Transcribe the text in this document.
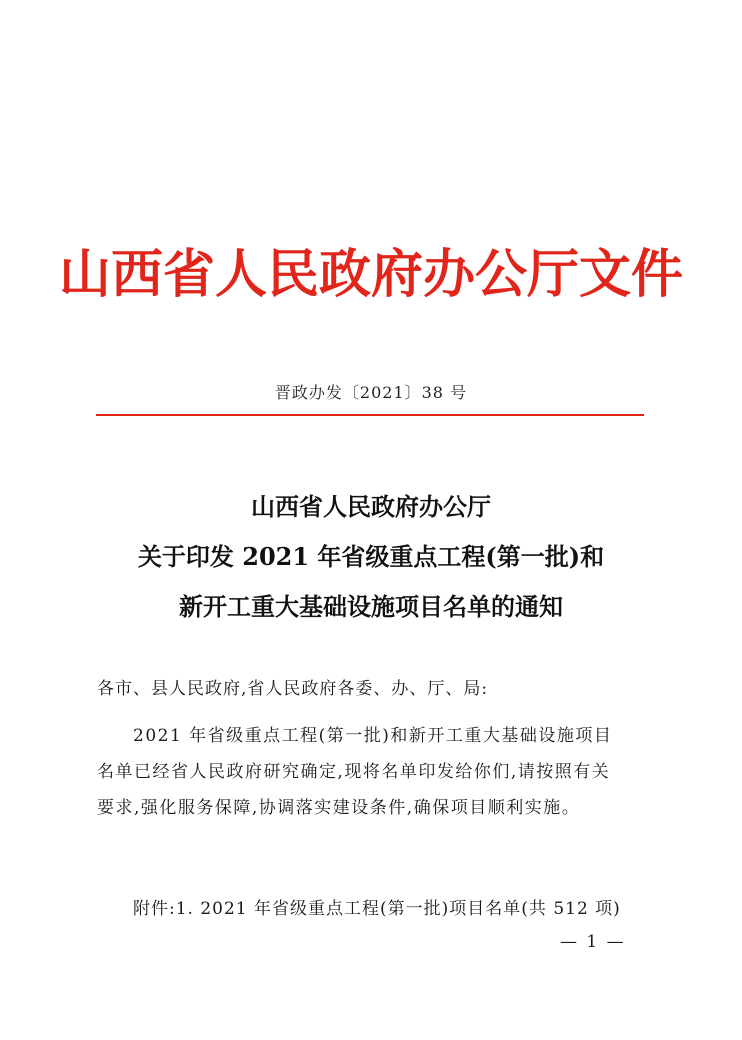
山西省人民政府办公厅文件
晋政办发〔2021〕38 号
山西省人民政府办公厅
关于印发 2021 年省级重点工程(第一批)和
新开工重大基础设施项目名单的通知
各市、县人民政府,省人民政府各委、办、厅、局:
2021 年省级重点工程(第一批)和新开工重大基础设施项目
名单已经省人民政府研究确定,现将名单印发给你们,请按照有关
要求,强化服务保障,协调落实建设条件,确保项目顺利实施。
附件:1. 2021 年省级重点工程(第一批)项目名单(共 512 项)
— 1 —
